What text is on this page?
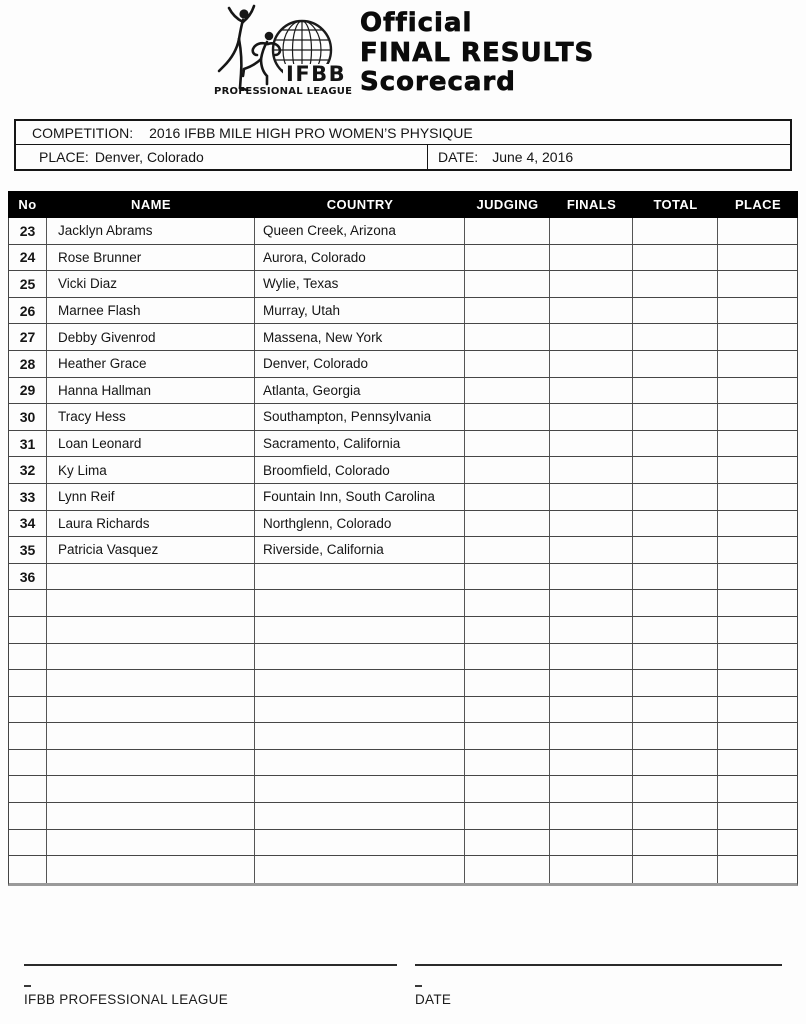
IFBB
PROFESSIONAL LEAGUE
Official
FINAL RESULTS
Scorecard
COMPETITION: 2016 IFBB MILE HIGH PRO WOMEN’S PHYSIQUE
PLACE: Denver, Colorado	DATE: June 4, 2016
No	NAME	COUNTRY	JUDGING	FINALS	TOTAL	PLACE
23	Jacklyn Abrams	Queen Creek, Arizona
24	Rose Brunner	Aurora, Colorado
25	Vicki Diaz	Wylie, Texas
26	Marnee Flash	Murray, Utah
27	Debby Givenrod	Massena, New York
28	Heather Grace	Denver, Colorado
29	Hanna Hallman	Atlanta, Georgia
30	Tracy Hess	Southampton, Pennsylvania
31	Loan Leonard	Sacramento, California
32	Ky Lima	Broomfield, Colorado
33	Lynn Reif	Fountain Inn, South Carolina
34	Laura Richards	Northglenn, Colorado
35	Patricia Vasquez	Riverside, California
36
IFBB PROFESSIONAL LEAGUE	DATE
